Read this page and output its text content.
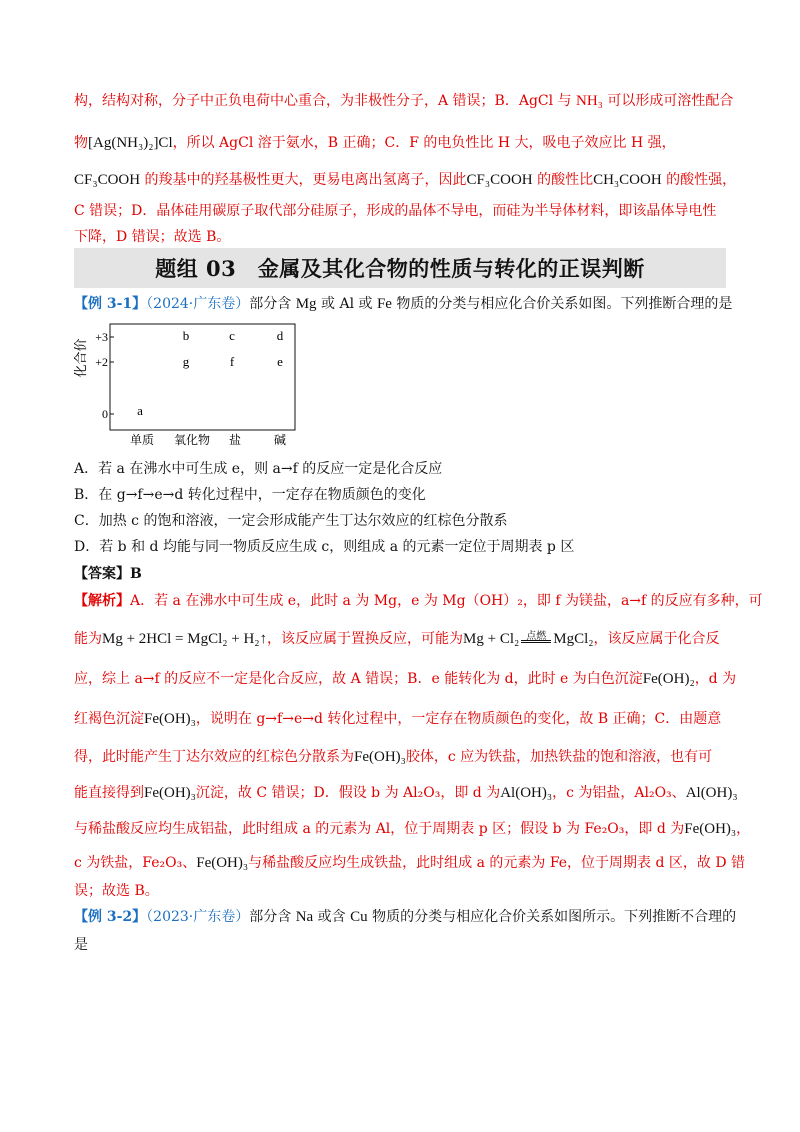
构，结构对称，分子中正负电荷中心重合，为非极性分子，A 错误；B．AgCl 与 NH₃ 可以形成可溶性配合
物[Ag(NH₃)₂]Cl，所以 AgCl 溶于氨水，B 正确；C．F 的电负性比 H 大，吸电子效应比 H 强，
CF₃COOH 的羧基中的羟基极性更大，更易电离出氢离子，因此CF₃COOH 的酸性比CH₃COOH 的酸性强，
C 错误；D．晶体硅用碳原子取代部分硅原子，形成的晶体不导电，而硅为半导体材料，即该晶体导电性
下降，D 错误；故选 B。
题组 03　金属及其化合物的性质与转化的正误判断
【例 3-1】（2024·广东卷）部分含 Mg 或 Al 或 Fe 物质的分类与相应化合价关系如图。下列推断合理的是
化合价
+3
+2
0 a
b	c	d
g	f	e
单质 氧化物 盐	碱
A．若 a 在沸水中可生成 e，则 a→f 的反应一定是化合反应
B．在 g→f→e→d 转化过程中，一定存在物质颜色的变化
C．加热 c 的饱和溶液，一定会形成能产生丁达尔效应的红棕色分散系
D．若 b 和 d 均能与同一物质反应生成 c，则组成 a 的元素一定位于周期表 p 区
【答案】B
【解析】A．若 a 在沸水中可生成 e，此时 a 为 Mg，e 为 Mg（OH）₂，即 f 为镁盐，a→f 的反应有多种，可
能为Mg + 2HCl = MgCl₂ + H₂↑，该反应属于置换反应，可能为Mg + Cl₂ 点燃 MgCl₂，该反应属于化合反
应，综上 a→f 的反应不一定是化合反应，故 A 错误；B．e 能转化为 d，此时 e 为白色沉淀Fe(OH)₂，d 为
红褐色沉淀Fe(OH)₃，说明在 g→f→e→d 转化过程中，一定存在物质颜色的变化，故 B 正确；C．由题意
得，此时能产生丁达尔效应的红棕色分散系为Fe(OH)₃胶体，c 应为铁盐，加热铁盐的饱和溶液，也有可
能直接得到Fe(OH)₃沉淀，故 C 错误；D．假设 b 为 Al₂O₃，即 d 为Al(OH)₃，c 为铝盐，Al₂O₃、Al(OH)₃
与稀盐酸反应均生成铝盐，此时组成 a 的元素为 Al，位于周期表 p 区；假设 b 为 Fe₂O₃，即 d 为Fe(OH)₃，
c 为铁盐，Fe₂O₃、Fe(OH)₃与稀盐酸反应均生成铁盐，此时组成 a 的元素为 Fe，位于周期表 d 区，故 D 错
误；故选 B。
【例 3-2】（2023·广东卷）部分含 Na 或含 Cu 物质的分类与相应化合价关系如图所示。下列推断不合理的
是
